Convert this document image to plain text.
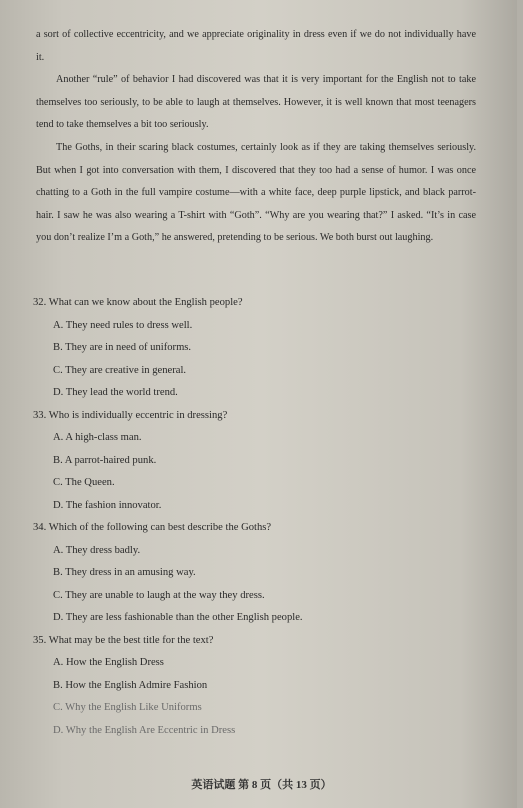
a sort of collective eccentricity, and we appreciate originality in dress even if we do not individually have it.

Another “rule” of behavior I had discovered was that it is very important for the English not to take themselves too seriously, to be able to laugh at themselves. However, it is well known that most teenagers tend to take themselves a bit too seriously.

The Goths, in their scaring black costumes, certainly look as if they are taking themselves seriously. But when I got into conversation with them, I discovered that they too had a sense of humor. I was once chatting to a Goth in the full vampire costume—with a white face, deep purple lipstick, and black parrot-hair. I saw he was also wearing a T-shirt with “Goth”. “Why are you wearing that?” I asked. “It’s in case you don’t realize I’m a Goth,” he answered, pretending to be serious. We both burst out laughing.

32. What can we know about the English people?

A. They need rules to dress well.

B. They are in need of uniforms.

C. They are creative in general.

D. They lead the world trend.

33. Who is individually eccentric in dressing?

A. A high-class man.

B. A parrot-haired punk.

C. The Queen.

D. The fashion innovator.

34. Which of the following can best describe the Goths?

A. They dress badly.

B. They dress in an amusing way.

C. They are unable to laugh at the way they dress.

D. They are less fashionable than the other English people.

35. What may be the best title for the text?

A. How the English Dress

B. How the English Admire Fashion

C. Why the English Like Uniforms

D. Why the English Are Eccentric in Dress

英语试题 第 8 页（共 13 页）
